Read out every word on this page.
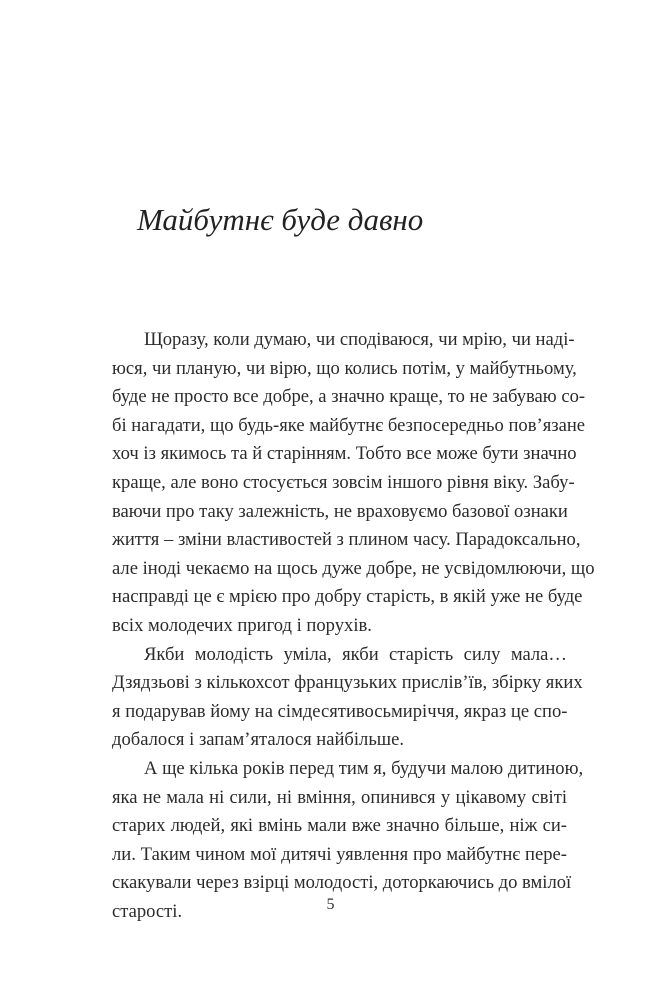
Майбутнє буде давно
Щоразу, коли думаю, чи сподіваюся, чи мрію, чи наді-
юся, чи планую, чи вірю, що колись потім, у майбутньому,
буде не просто все добре, а значно краще, то не забуваю со-
бі нагадати, що будь-яке майбутнє безпосередньо пов’язане
хоч із якимось та й старінням. Тобто все може бути значно
краще, але воно стосується зовсім іншого рівня віку. Забу-
ваючи про таку залежність, не враховуємо базової ознаки
життя – зміни властивостей з плином часу. Парадоксально,
але іноді чекаємо на щось дуже добре, не усвідомлюючи, що
насправді це є мрією про добру старість, в якій уже не буде
всіх молодечих пригод і порухів.
Якби молодість уміла, якби старість силу мала…
Дзядзьові з кількохсот французьких прислів’їв, збірку яких
я подарував йому на сімдесятивосьмиріччя, якраз це спо-
добалося і запам’яталося найбільше.
А ще кілька років перед тим я, будучи малою дитиною,
яка не мала ні сили, ні вміння, опинився у цікавому світі
старих людей, які вмінь мали вже значно більше, ніж си-
ли. Таким чином мої дитячі уявлення про майбутнє пере-
скакували через взірці молодості, доторкаючись до вмілої
старості.	5
